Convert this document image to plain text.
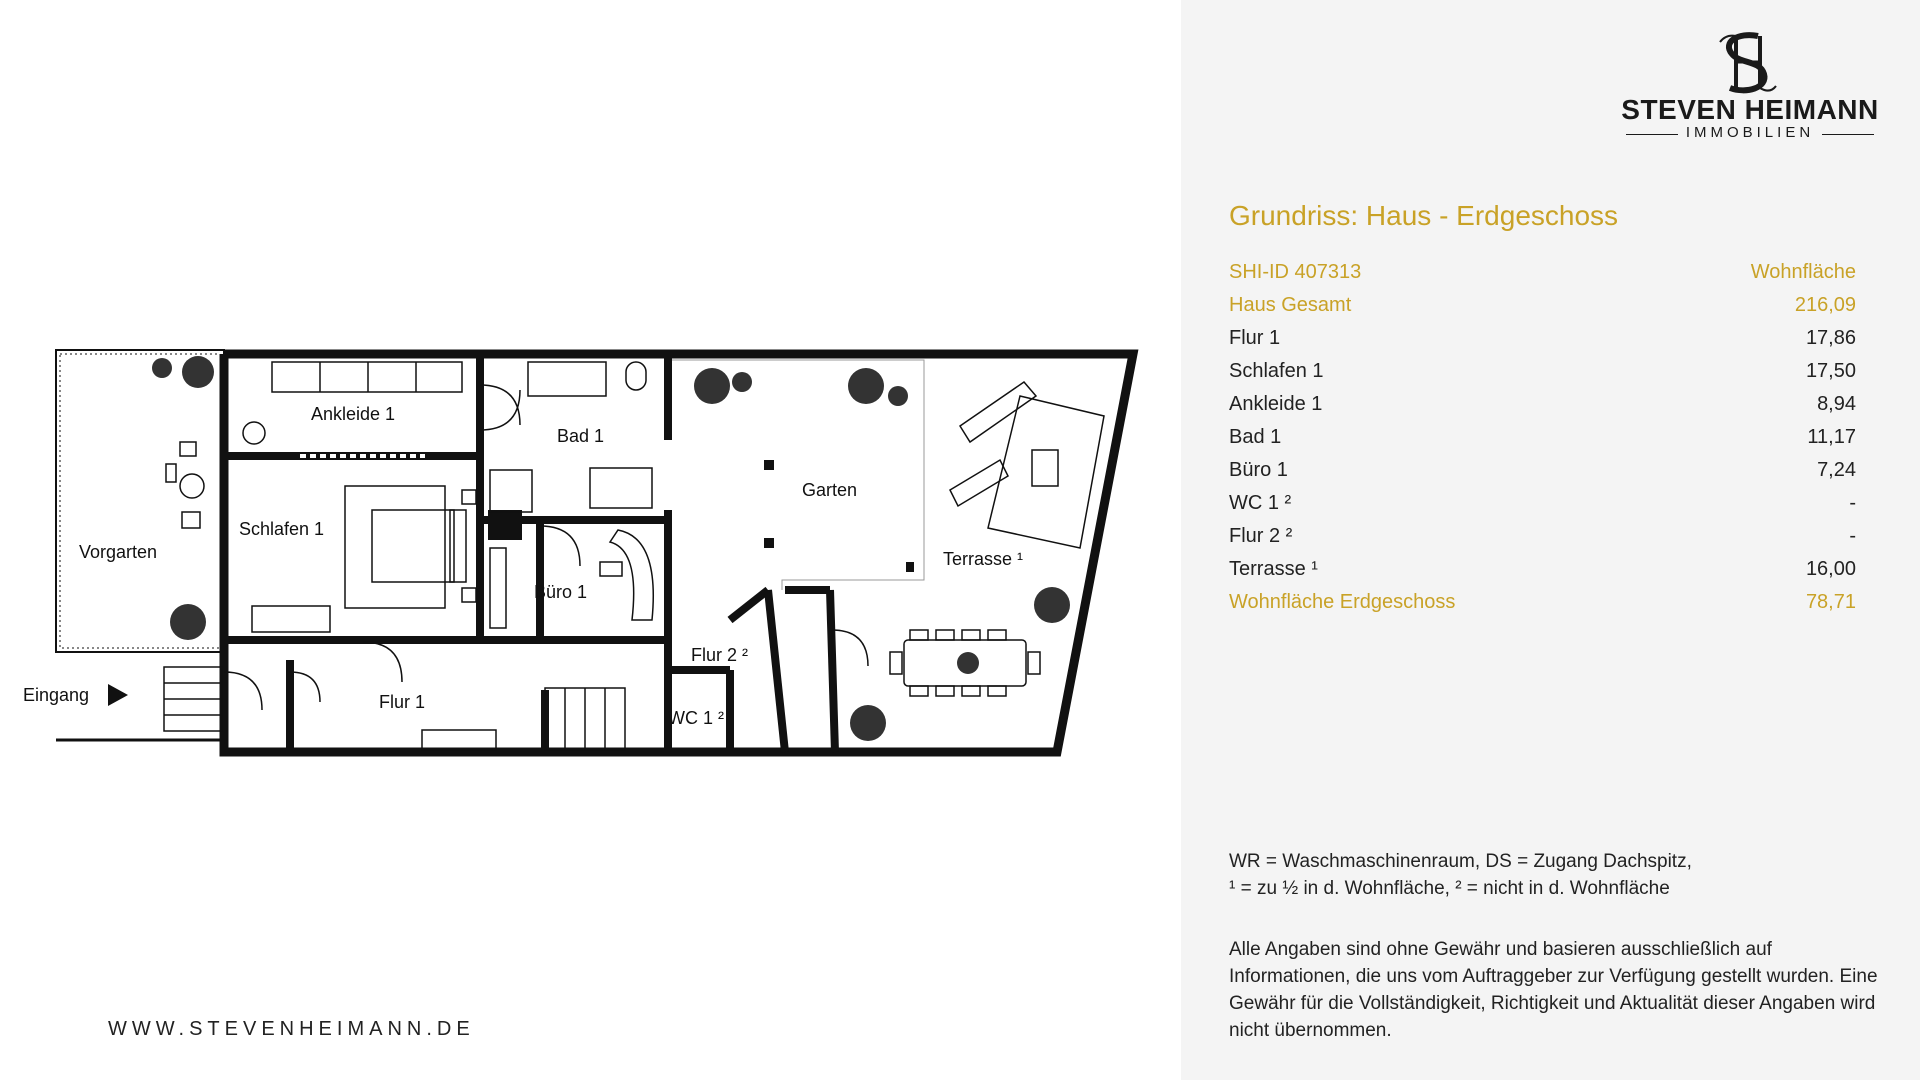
Ankleide 1
Bad 1
Garten
Vorgarten
Schlafen 1
Terrasse ¹
Büro 1
Flur 2 ²
Eingang	Flur 1
WC 1 ²
WWW.STEVENHEIMANN.DE
STEVEN HEIMANN
IMMOBILIEN
Grundriss: Haus - Erdgeschoss
SHI-ID 407313	Wohnfläche
Haus Gesamt	216,09
Flur 1	17,86
Schlafen 1	17,50
Ankleide 1	8,94
Bad 1	11,17
Büro 1	7,24
WC 1 ²	-
Flur 2 ²	-
Terrasse ¹	16,00
Wohnfläche Erdgeschoss	78,71
WR = Waschmaschinenraum, DS = Zugang Dachspitz,
¹ = zu ½ in d. Wohnfläche, ² = nicht in d. Wohnfläche
Alle Angaben sind ohne Gewähr und basieren ausschließlich auf Informationen, die uns vom Auftraggeber zur Verfügung gestellt wurden. Eine Gewähr für die Vollständigkeit, Richtigkeit und Aktualität dieser Angaben wird nicht übernommen.
